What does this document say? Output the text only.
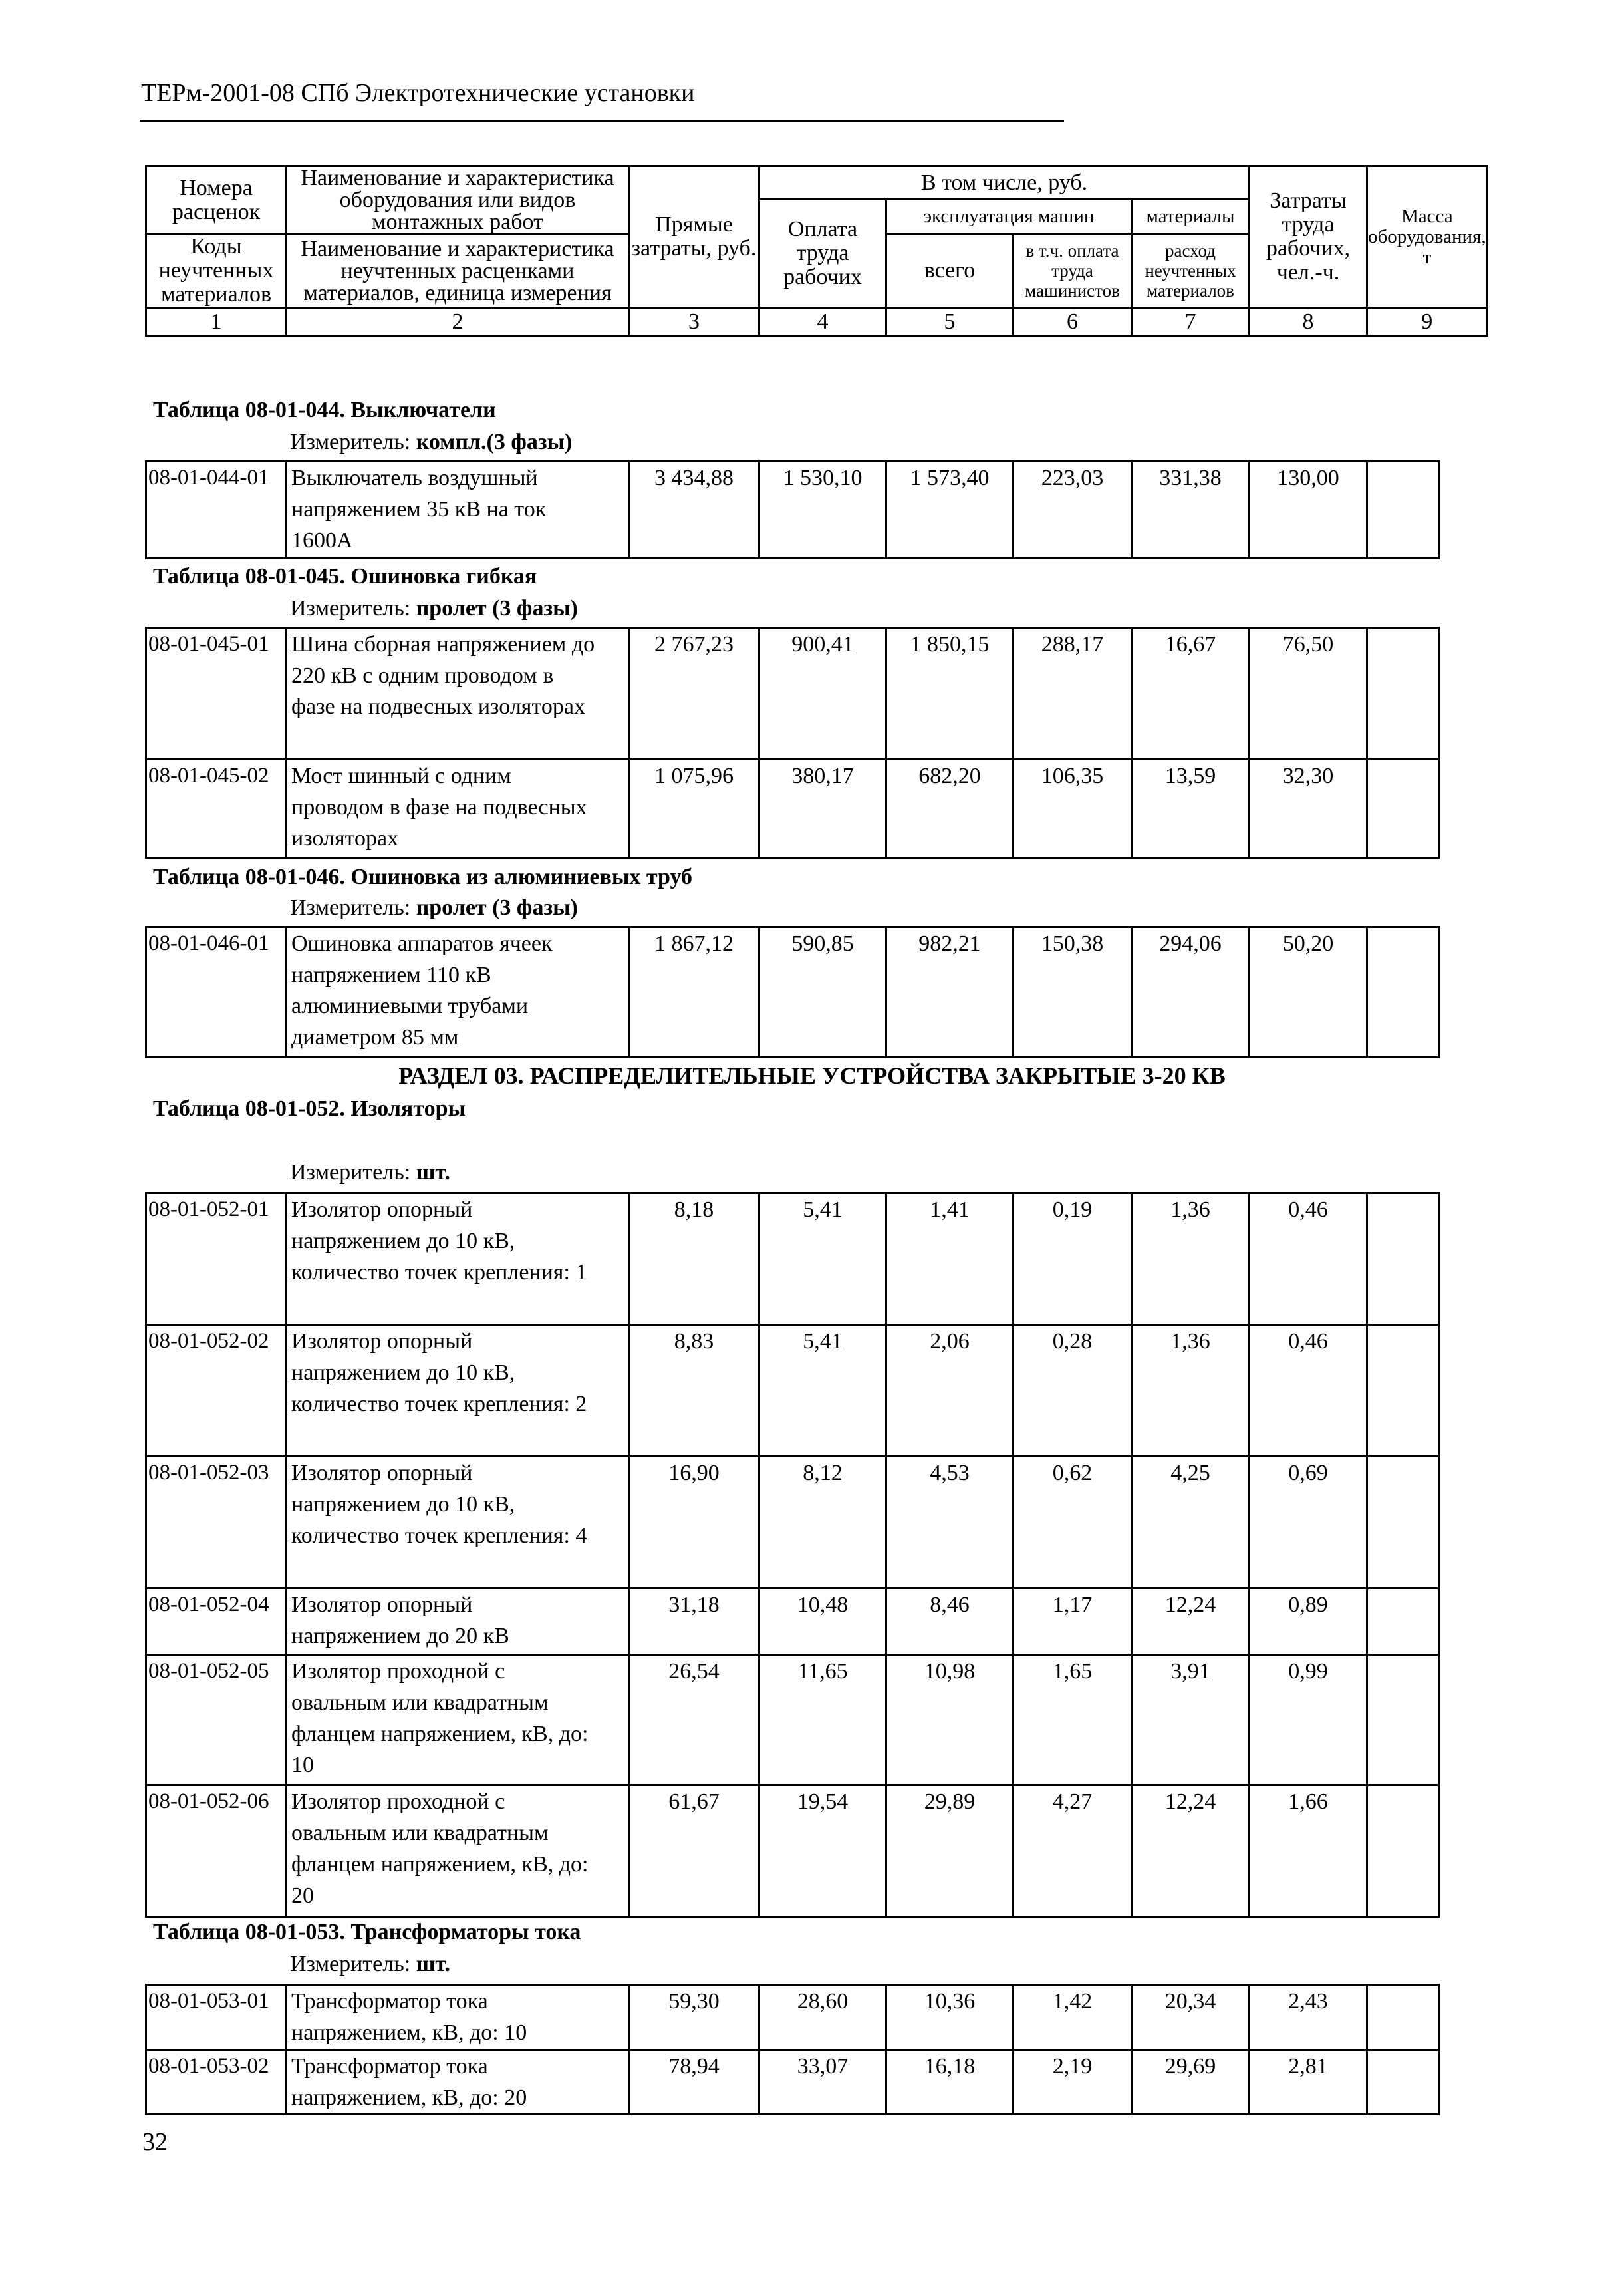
ТЕРм-2001-08 СПб Электротехнические установки
Номера расценок	Наименование и характеристика оборудования или видов монтажных работ	Прямые затраты, руб.	В том числе, руб.				Затраты труда рабочих, чел.-ч.	Масса оборудования, т
			Оплата труда рабочих	эксплуатация машин		материалы		
Коды неучтенных материалов	Наименование и характеристика неучтенных расценками материалов, единица измерения			всего	в т.ч. оплата труда машинистов	расход неучтенных материалов		

1	2	3	4	5	6	7	8	9
Таблица 08-01-044. Выключатели
Измеритель: компл.(3 фазы)
08-01-044-01	Выключатель воздушный
напряжением 35 кВ на ток
1600А
	3 434,88	1 530,10	1 573,40	223,03	331,38	130,00	
Таблица 08-01-045. Ошиновка гибкая
Измеритель: пролет (3 фазы)
08-01-045-01	Шина сборная напряжением до
220 кВ с одним проводом в
фазе на подвесных изоляторах	2 767,23	900,41	1 850,15	288,17	16,67	76,50	
08-01-045-02	Мост шинный с одним
проводом в фазе на подвесных
изоляторах	1 075,96	380,17	682,20	106,35	13,59	32,30	
Таблица 08-01-046. Ошиновка из алюминиевых труб
Измеритель: пролет (3 фазы)
08-01-046-01	Ошиновка аппаратов ячеек
напряжением 110 кВ
алюминиевыми трубами
диаметром 85 мм
	1 867,12	590,85	982,21	150,38	294,06	50,20	
РАЗДЕЛ 03. РАСПРЕДЕЛИТЕЛЬНЫЕ УСТРОЙСТВА ЗАКРЫТЫЕ 3-20 КВ
Таблица 08-01-052. Изоляторы
Измеритель: шт.
08-01-052-01	Изолятор опорный
напряжением до 10 кВ,
количество точек крепления: 1	8,18	5,41	1,41	0,19	1,36	0,46	
08-01-052-02	Изолятор опорный
напряжением до 10 кВ,
количество точек крепления: 2	8,83	5,41	2,06	0,28	1,36	0,46	
08-01-052-03	Изолятор опорный
напряжением до 10 кВ,
количество точек крепления: 4	16,90	8,12	4,53	0,62	4,25	0,69	
08-01-052-04	Изолятор опорный
напряжением до 20 кВ	31,18	10,48	8,46	1,17	12,24	0,89	
08-01-052-05	Изолятор проходной с
овальным или квадратным
фланцем напряжением, кВ, до:
10	26,54	11,65	10,98	1,65	3,91	0,99	
08-01-052-06	Изолятор проходной с
овальным или квадратным
фланцем напряжением, кВ, до:
20	61,67	19,54	29,89	4,27	12,24	1,66	
Таблица 08-01-053. Трансформаторы тока
Измеритель: шт.
08-01-053-01	Трансформатор тока
напряжением, кВ, до: 10	59,30	28,60	10,36	1,42	20,34	2,43	
08-01-053-02	Трансформатор тока
напряжением, кВ, до: 20	78,94	33,07	16,18	2,19	29,69	2,81	
32
